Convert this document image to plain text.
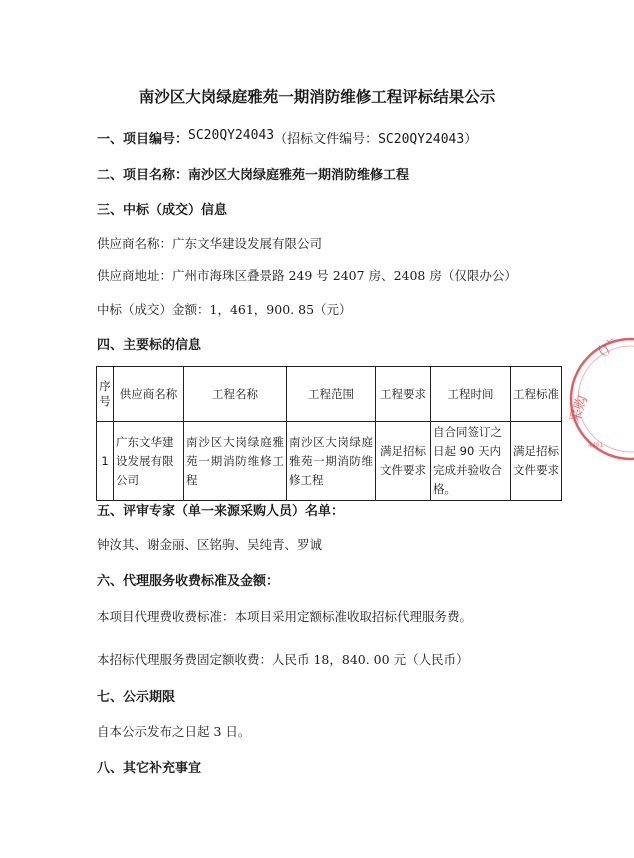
南沙区大岗绿庭雅苑一期消防维修工程评标结果公示
一、项目编号： SC20QY24043 （招标文件编号：SC20QY24043）
二、项目名称： 南沙区大岗绿庭雅苑一期消防维修工程
三、中标（成交）信息
供应商名称：广东文华建设发展有限公司
供应商地址：广州市海珠区叠景路 249 号 2407 房、2408 房（仅限办公）
中标（成交）金额：1，461，900. 85（元）
四、主要标的信息
序号	供应商名称	工程名称	工程范围	工程要求	工程时间	工程标准
1	广东文华建设发展有限公司	南沙区大岗绿庭雅苑一期消防维修工程	南沙区大岗绿庭雅苑一期消防维修工程	满足招标文件要求	自合同签订之日起 90 天内完成并验收合格。	满足招标文件要求
五、评审专家（单一来源采购人员）名单：
钟汝其、谢金丽、区铭驹、吴纯青、罗诚
六、代理服务收费标准及金额：
本项目代理费收费标准：本项目采用定额标准收取招标代理服务费。
本招标代理服务费固定额收费：人民币 18，840. 00 元（人民币）
七、公示期限
自本公示发布之日起 3 日。
八、其它补充事宜
采购
（广
4401
